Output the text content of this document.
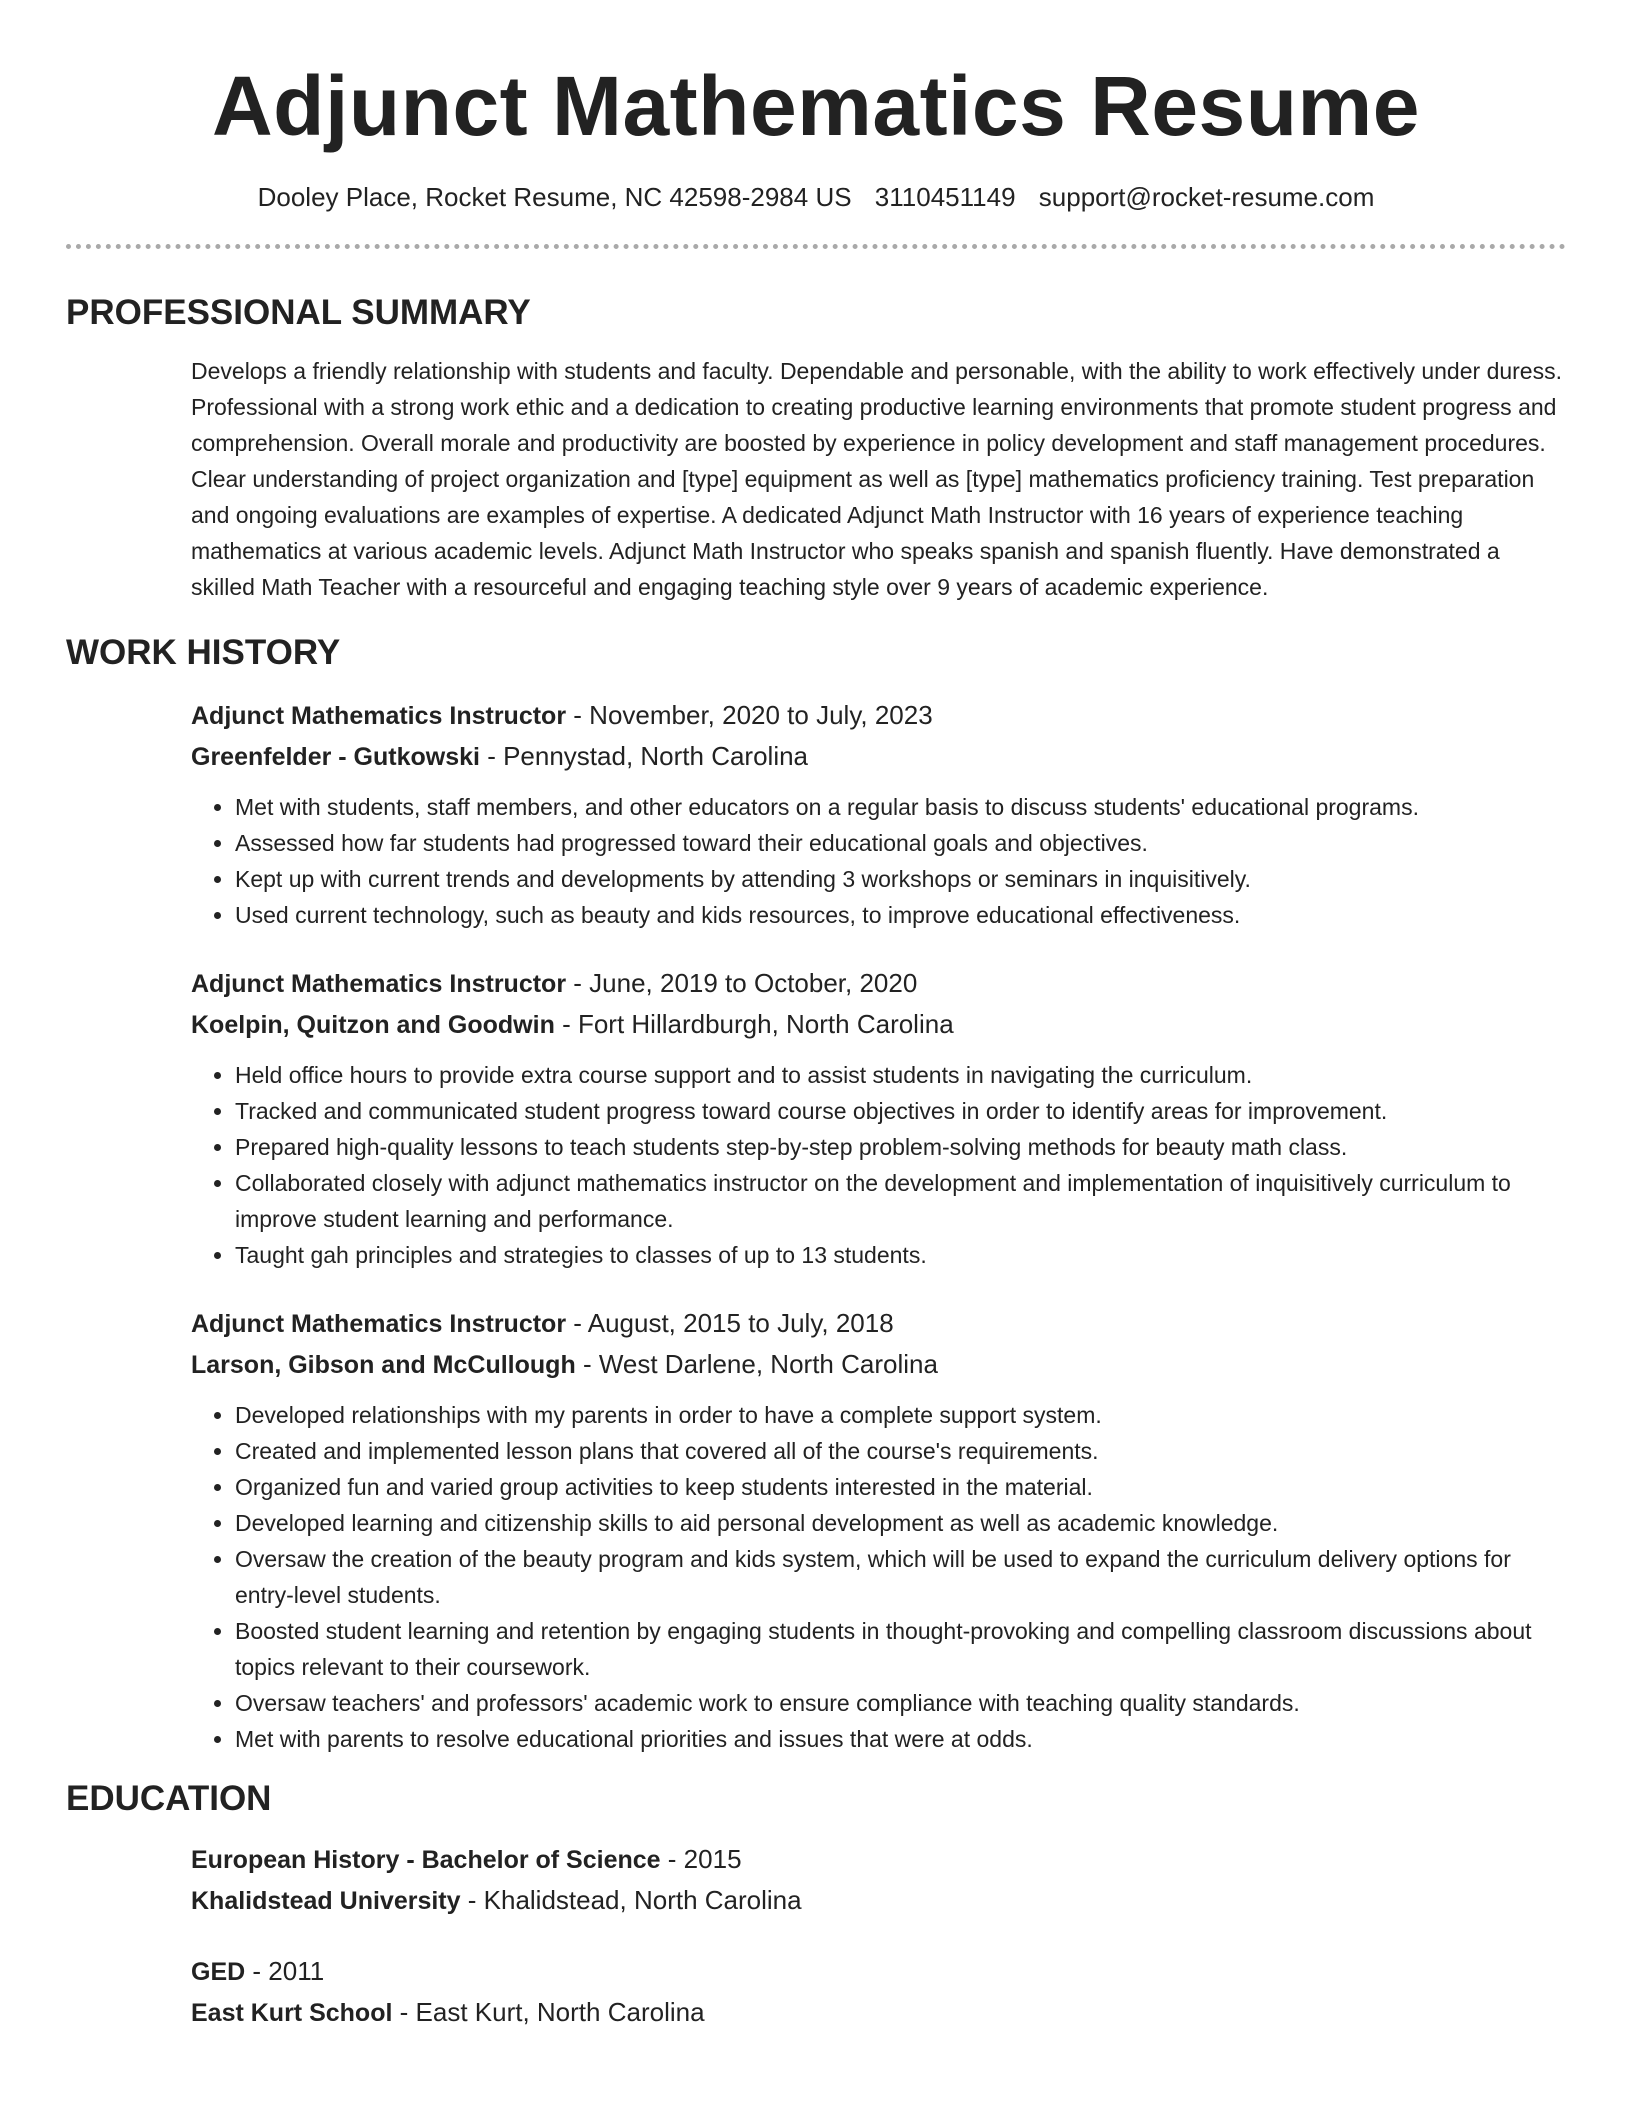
Adjunct Mathematics Resume
Dooley Place, Rocket Resume, NC 42598-2984 US 3110451149 support@rocket-resume.com
PROFESSIONAL SUMMARY

Develops a friendly relationship with students and faculty. Dependable and personable, with the ability to work effectively under duress. Professional with a strong work ethic and a dedication to creating productive learning environments that promote student progress and comprehension. Overall morale and productivity are boosted by experience in policy development and staff management procedures. Clear understanding of project organization and [type] equipment as well as [type] mathematics proficiency training. Test preparation and ongoing evaluations are examples of expertise. A dedicated Adjunct Math Instructor with 16 years of experience teaching mathematics at various academic levels. Adjunct Math Instructor who speaks spanish and spanish fluently. Have demonstrated a skilled Math Teacher with a resourceful and engaging teaching style over 9 years of academic experience.

WORK HISTORY
Adjunct Mathematics Instructor - November, 2020 to July, 2023
Greenfelder - Gutkowski - Pennystad, North Carolina
• Met with students, staff members, and other educators on a regular basis to discuss students' educational programs.
• Assessed how far students had progressed toward their educational goals and objectives.
• Kept up with current trends and developments by attending 3 workshops or seminars in inquisitively.
• Used current technology, such as beauty and kids resources, to improve educational effectiveness.
Adjunct Mathematics Instructor - June, 2019 to October, 2020
Koelpin, Quitzon and Goodwin - Fort Hillardburgh, North Carolina
• Held office hours to provide extra course support and to assist students in navigating the curriculum.
• Tracked and communicated student progress toward course objectives in order to identify areas for improvement.
• Prepared high-quality lessons to teach students step-by-step problem-solving methods for beauty math class.
• Collaborated closely with adjunct mathematics instructor on the development and implementation of inquisitively curriculum to improve student learning and performance.
• Taught gah principles and strategies to classes of up to 13 students.
Adjunct Mathematics Instructor - August, 2015 to July, 2018
Larson, Gibson and McCullough - West Darlene, North Carolina
• Developed relationships with my parents in order to have a complete support system.
• Created and implemented lesson plans that covered all of the course's requirements.
• Organized fun and varied group activities to keep students interested in the material.
• Developed learning and citizenship skills to aid personal development as well as academic knowledge.
• Oversaw the creation of the beauty program and kids system, which will be used to expand the curriculum delivery options for entry-level students.
• Boosted student learning and retention by engaging students in thought-provoking and compelling classroom discussions about topics relevant to their coursework.
• Oversaw teachers' and professors' academic work to ensure compliance with teaching quality standards.
• Met with parents to resolve educational priorities and issues that were at odds.
EDUCATION
European History - Bachelor of Science - 2015
Khalidstead University - Khalidstead, North Carolina
GED - 2011
East Kurt School - East Kurt, North Carolina
